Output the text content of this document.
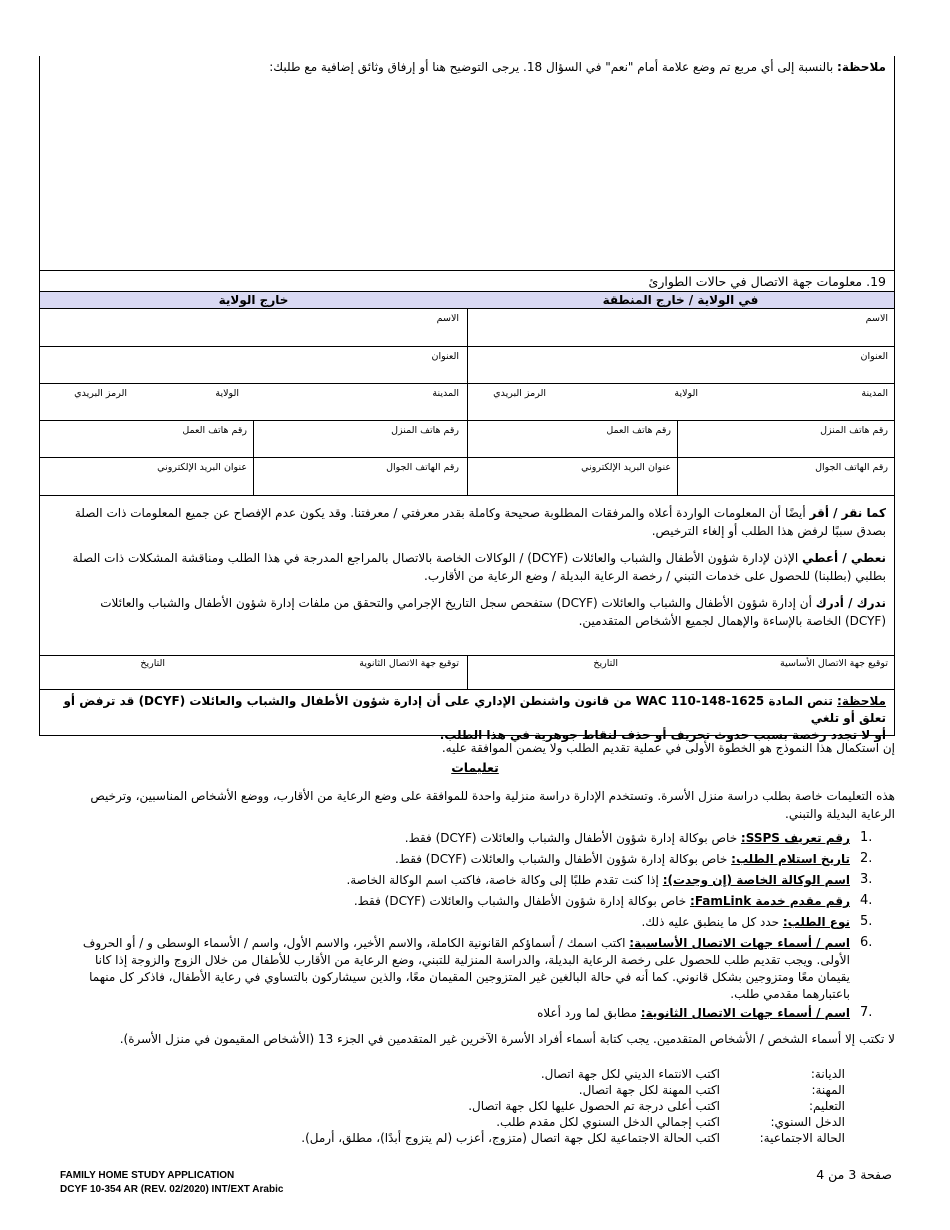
ملاحظة: بالنسبة إلى أي مربع تم وضع علامة أمام "نعم" في السؤال 18. يرجى التوضيح هنا أو إرفاق وثائق إضافية مع طلبك:
19. معلومات جهة الاتصال في حالات الطوارئ
في الولاية / خارج المنطقة
خارج الولاية
الاسم
العنوان
المدينة
الولاية
الرمز البريدي
رقم هاتف المنزل
رقم هاتف العمل
رقم الهاتف الجوال
عنوان البريد الإلكتروني
الاسم
العنوان
المدينة
الولاية
الرمز البريدي
رقم هاتف المنزل
رقم هاتف العمل
رقم الهاتف الجوال
عنوان البريد الإلكتروني
كما نقر / أقر أيضًا أن المعلومات الواردة أعلاه والمرفقات المطلوبة صحيحة وكاملة بقدر معرفتي / معرفتنا. وقد يكون عدم الإفصاح عن جميع المعلومات ذات الصلة بصدق سببًا لرفض هذا الطلب أو إلغاء الترخيص.
نعطي / أعطي الإذن لإدارة شؤون الأطفال والشباب والعائلات (DCYF) / الوكالات الخاصة بالاتصال بالمراجع المدرجة في هذا الطلب ومناقشة المشكلات ذات الصلة بطلبي (بطلبنا) للحصول على خدمات التبني / رخصة الرعاية البديلة / وضع الرعاية من الأقارب.
ندرك / أدرك أن إدارة شؤون الأطفال والشباب والعائلات (DCYF) ستفحص سجل التاريخ الإجرامي والتحقق من ملفات إدارة شؤون الأطفال والشباب والعائلات (DCYF) الخاصة بالإساءة والإهمال لجميع الأشخاص المتقدمين.
توقيع جهة الاتصال الأساسية
التاريخ
توقيع جهة الاتصال الثانوية
التاريخ
ملاحظة: تنص المادة WAC 110-148-1625 من قانون واشنطن الإداري على أن إدارة شؤون الأطفال والشباب والعائلات (DCYF) قد ترفض أو تعلق أو تلغي
أو لا تجدد رخصة بسبب حدوث تحريف أو حذف لنقاط جوهرية في هذا الطلب.
إن استكمال هذا النموذج هو الخطوة الأولى في عملية تقديم الطلب ولا يضمن الموافقة عليه.
تعليمات
هذه التعليمات خاصة بطلب دراسة منزل الأسرة. وتستخدم الإدارة دراسة منزلية واحدة للموافقة على وضع الرعاية من الأقارب، ووضع الأشخاص المناسبين، وترخيص الرعاية البديلة والتبني.
1.
رقم تعريف SSPS: خاص بوكالة إدارة شؤون الأطفال والشباب والعائلات (DCYF) فقط.
2.
تاريخ استلام الطلب: خاص بوكالة إدارة شؤون الأطفال والشباب والعائلات (DCYF) فقط.
3.
اسم الوكالة الخاصة (إن وجدت): إذا كنت تقدم طلبًا إلى وكالة خاصة، فاكتب اسم الوكالة الخاصة.
4.
رقم مقدم خدمة FamLink: خاص بوكالة إدارة شؤون الأطفال والشباب والعائلات (DCYF) فقط.
5.
نوع الطلب: حدد كل ما ينطبق عليه ذلك.
6.
اسم / أسماء جهات الاتصال الأساسية: اكتب اسمك / أسماؤكم القانونية الكاملة، والاسم الأخير، والاسم الأول، واسم / الأسماء الوسطى و / أو الحروف الأولى. ويجب تقديم طلب للحصول على رخصة الرعاية البديلة، والدراسة المنزلية للتبني، وضع الرعاية من الأقارب للأطفال من خلال الزوج والزوجة إذا كانا يقيمان معًا ومتزوجين بشكل قانوني. كما أنه في حالة البالغين غير المتزوجين المقيمان معًا، والذين سيشاركون بالتساوي في رعاية الأطفال، فاذكر كل منهما باعتبارهما مقدمي طلب.
7.
اسم / أسماء جهات الاتصال الثانوية: مطابق لما ورد أعلاه
لا تكتب إلا أسماء الشخص / الأشخاص المتقدمين. يجب كتابة أسماء أفراد الأسرة الآخرين غير المتقدمين في الجزء 13 (الأشخاص المقيمون في منزل الأسرة).
الديانة:
اكتب الانتماء الديني لكل جهة اتصال.
المهنة:
اكتب المهنة لكل جهة اتصال.
التعليم:
اكتب أعلى درجة تم الحصول عليها لكل جهة اتصال.
الدخل السنوي:
اكتب إجمالي الدخل السنوي لكل مقدم طلب.
الحالة الاجتماعية:
اكتب الحالة الاجتماعية لكل جهة اتصال (متزوج، أعزب (لم يتزوج أبدًا)، مطلق، أرمل).
FAMILY HOME STUDY APPLICATION
DCYF 10-354 AR (REV. 02/2020) INT/EXT Arabic
صفحة 3 من 4
